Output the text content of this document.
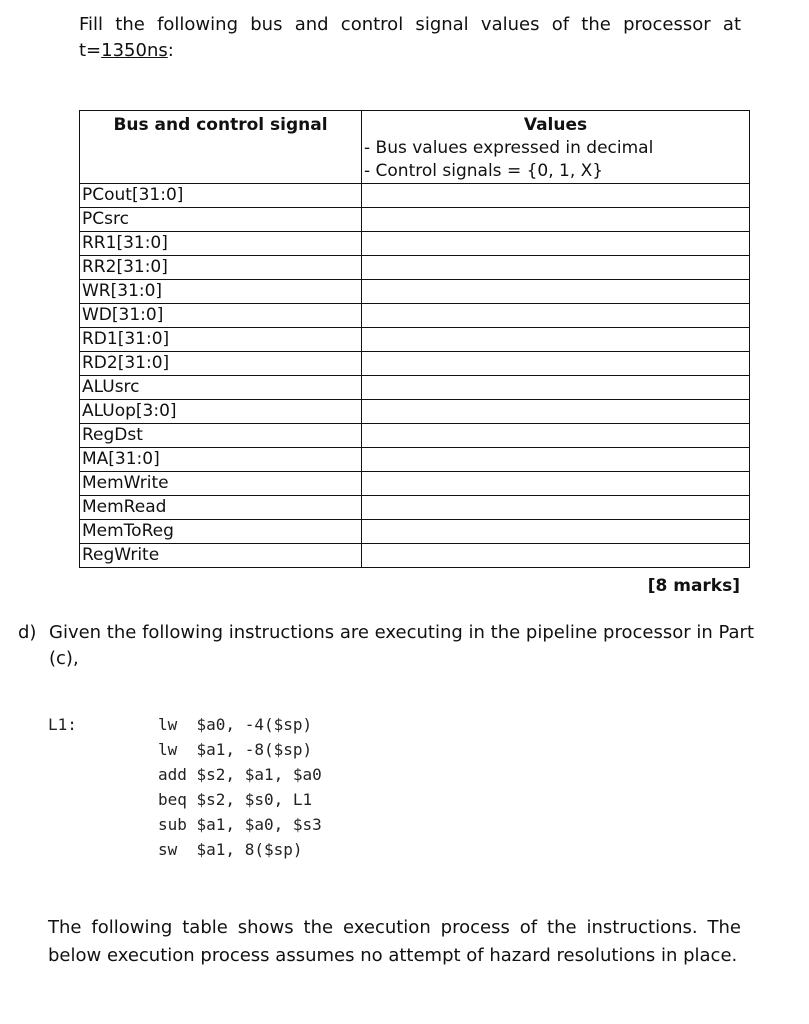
Fill the following bus and control signal values of the processor at t=1350ns:
Bus and control signal	Values
- Bus values expressed in decimal
- Control signals = {0, 1, X}

PCout[31:0]	
PCsrc	
RR1[31:0]	
RR2[31:0]	
WR[31:0]	
WD[31:0]	
RD1[31:0]	
RD2[31:0]	
ALUsrc	
ALUop[3:0]	
RegDst	
MA[31:0]	
MemWrite	
MemRead	
MemToReg	
RegWrite	
[8 marks]
d) Given the following instructions are executing in the pipeline processor in Part (c),
L1:	lw  $a0, -4($sp)
lw  $a1, -8($sp)
add $s2, $a1, $a0
beq $s2, $s0, L1
sub $a1, $a0, $s3
sw  $a1, 8($sp)
The following table shows the execution process of the instructions. The below execution process assumes no attempt of hazard resolutions in place.
